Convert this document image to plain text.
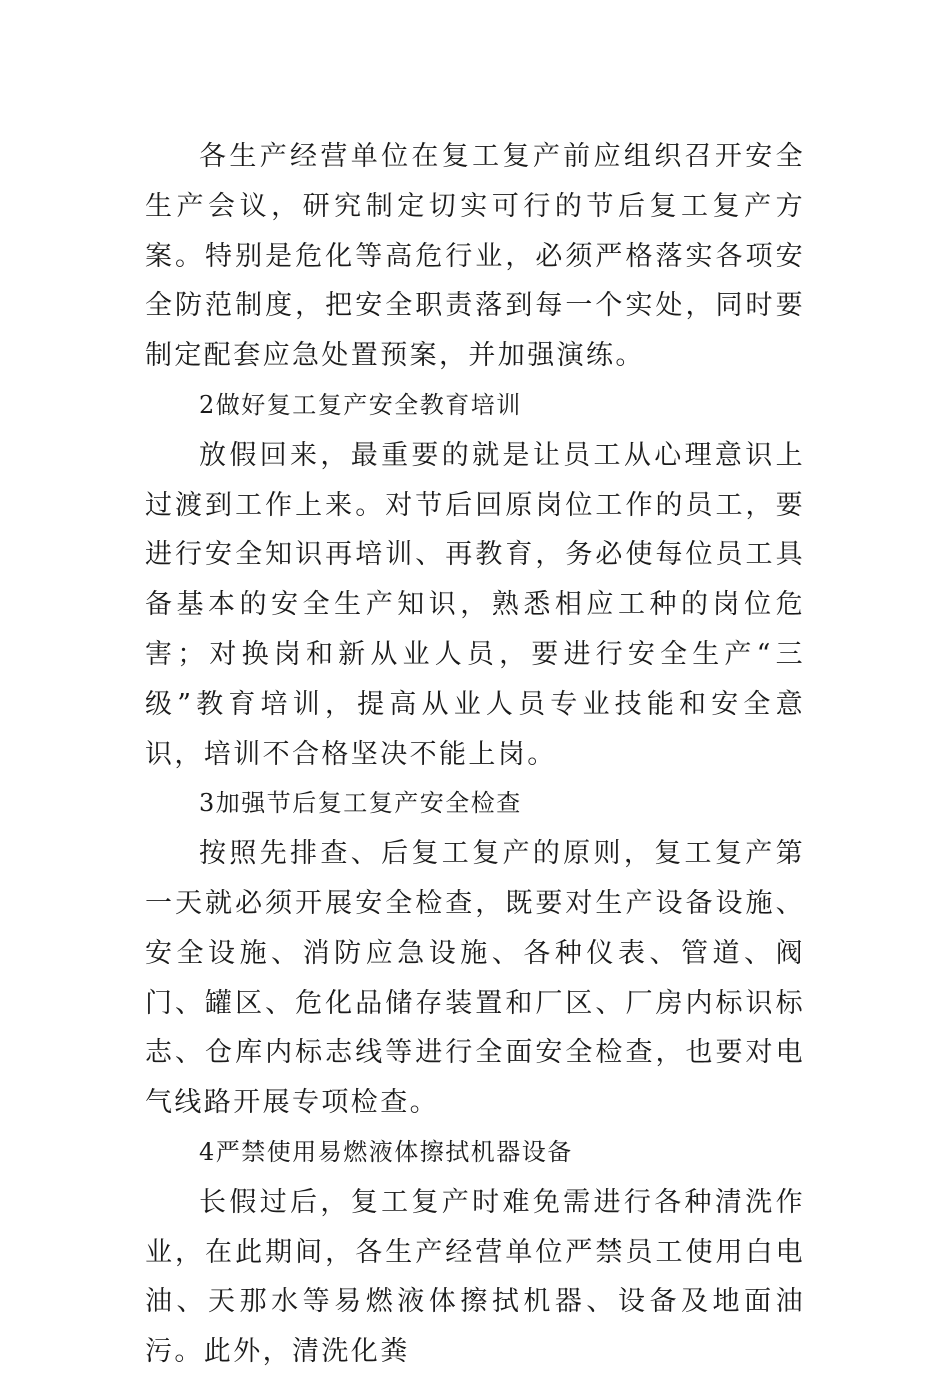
各生产经营单位在复工复产前应组织召开安全生产会议，研究制定切实可行的节后复工复产方案。特别是危化等高危行业，必须严格落实各项安全防范制度，把安全职责落到每一个实处，同时要制定配套应急处置预案，并加强演练。

2做好复工复产安全教育培训

放假回来，最重要的就是让员工从心理意识上过渡到工作上来。对节后回原岗位工作的员工，要进行安全知识再培训、再教育，务必使每位员工具备基本的安全生产知识，熟悉相应工种的岗位危害；对换岗和新从业人员，要进行安全生产“三级”教育培训，提高从业人员专业技能和安全意识，培训不合格坚决不能上岗。

3加强节后复工复产安全检查

按照先排查、后复工复产的原则，复工复产第一天就必须开展安全检查，既要对生产设备设施、安全设施、消防应急设施、各种仪表、管道、阀门、罐区、危化品储存装置和厂区、厂房内标识标志、仓库内标志线等进行全面安全检查，也要对电气线路开展专项检查。

4严禁使用易燃液体擦拭机器设备

长假过后，复工复产时难免需进行各种清洗作业，在此期间，各生产经营单位严禁员工使用白电油、天那水等易燃液体擦拭机器、设备及地面油污。此外，清洗化粪
